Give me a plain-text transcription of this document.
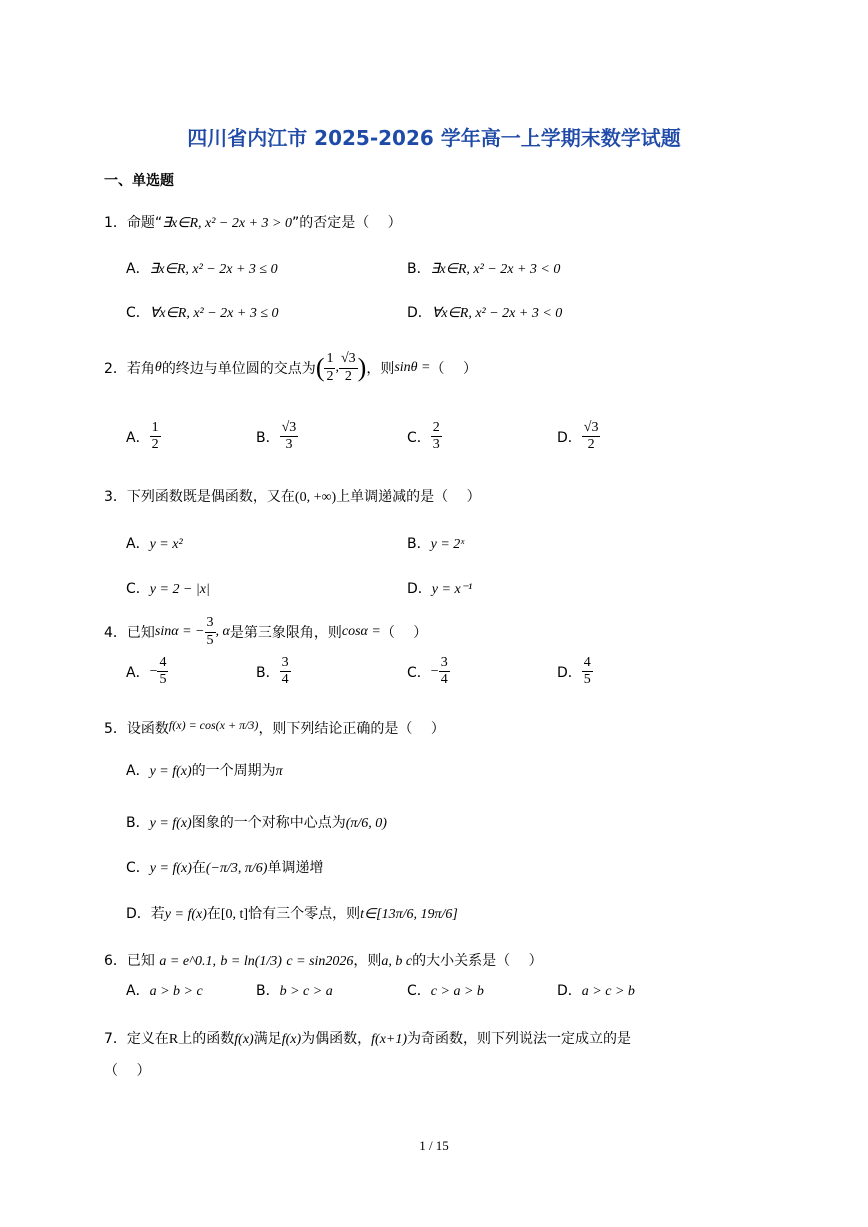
四川省内江市 2025-2026 学年高一上学期末数学试题
一、单选题
1．命题“∃x∈R, x² − 2x + 3 > 0”的否定是（　 ）
A．∃x∈R, x² − 2x + 3 ≤ 0	B．∃x∈R, x² − 2x + 3 < 0
C．∀x∈R, x² − 2x + 3 ≤ 0	D．∀x∈R, x² − 2x + 3 < 0
2． 若角 θ 的终边与单位圆的交点为 ( $\frac{1}{2}$ , $\frac{√3}{2}$ ) ，则 sinθ = （　 ）
A． $\frac{1}{2}$	B． $\frac{√3}{3}$	C． $\frac{2}{3}$	D． $\frac{√3}{2}$
3．下列函数既是偶函数，又在(0, +∞)上单调递减的是（　 ）
A．y = x²	B．y = 2ˣ
C．y = 2 − |x|	D．y = x⁻¹
4． 已知 sinα = − $\frac{3}{5}$ , α 是第三象限角，则 cosα = （　 ）
A． − $\frac{4}{5}$	B． $\frac{3}{4}$	C． − $\frac{3}{4}$	D． $\frac{4}{5}$
5．设函数f(x) = cos(x + π/3)，则下列结论正确的是（　 ）
A．y = f(x)的一个周期为π
B．y = f(x)图象的一个对称中心点为(π/6, 0)
C．y = f(x)在(−π/3, π/6)单调递增
D．若y = f(x)在[0, t]恰有三个零点，则t∈[13π/6, 19π/6]
6．已知 a = e^0.1, b = ln(1/3) c = sin2026，则a, b c的大小关系是（　 ）
A．a > b > c	B．b > c > a	C．c > a > b	D．a > c > b
7．定义在R上的函数f(x)满足f(x)为偶函数，f(x+1)为奇函数，则下列说法一定成立的是
（　 ）
1 / 15
